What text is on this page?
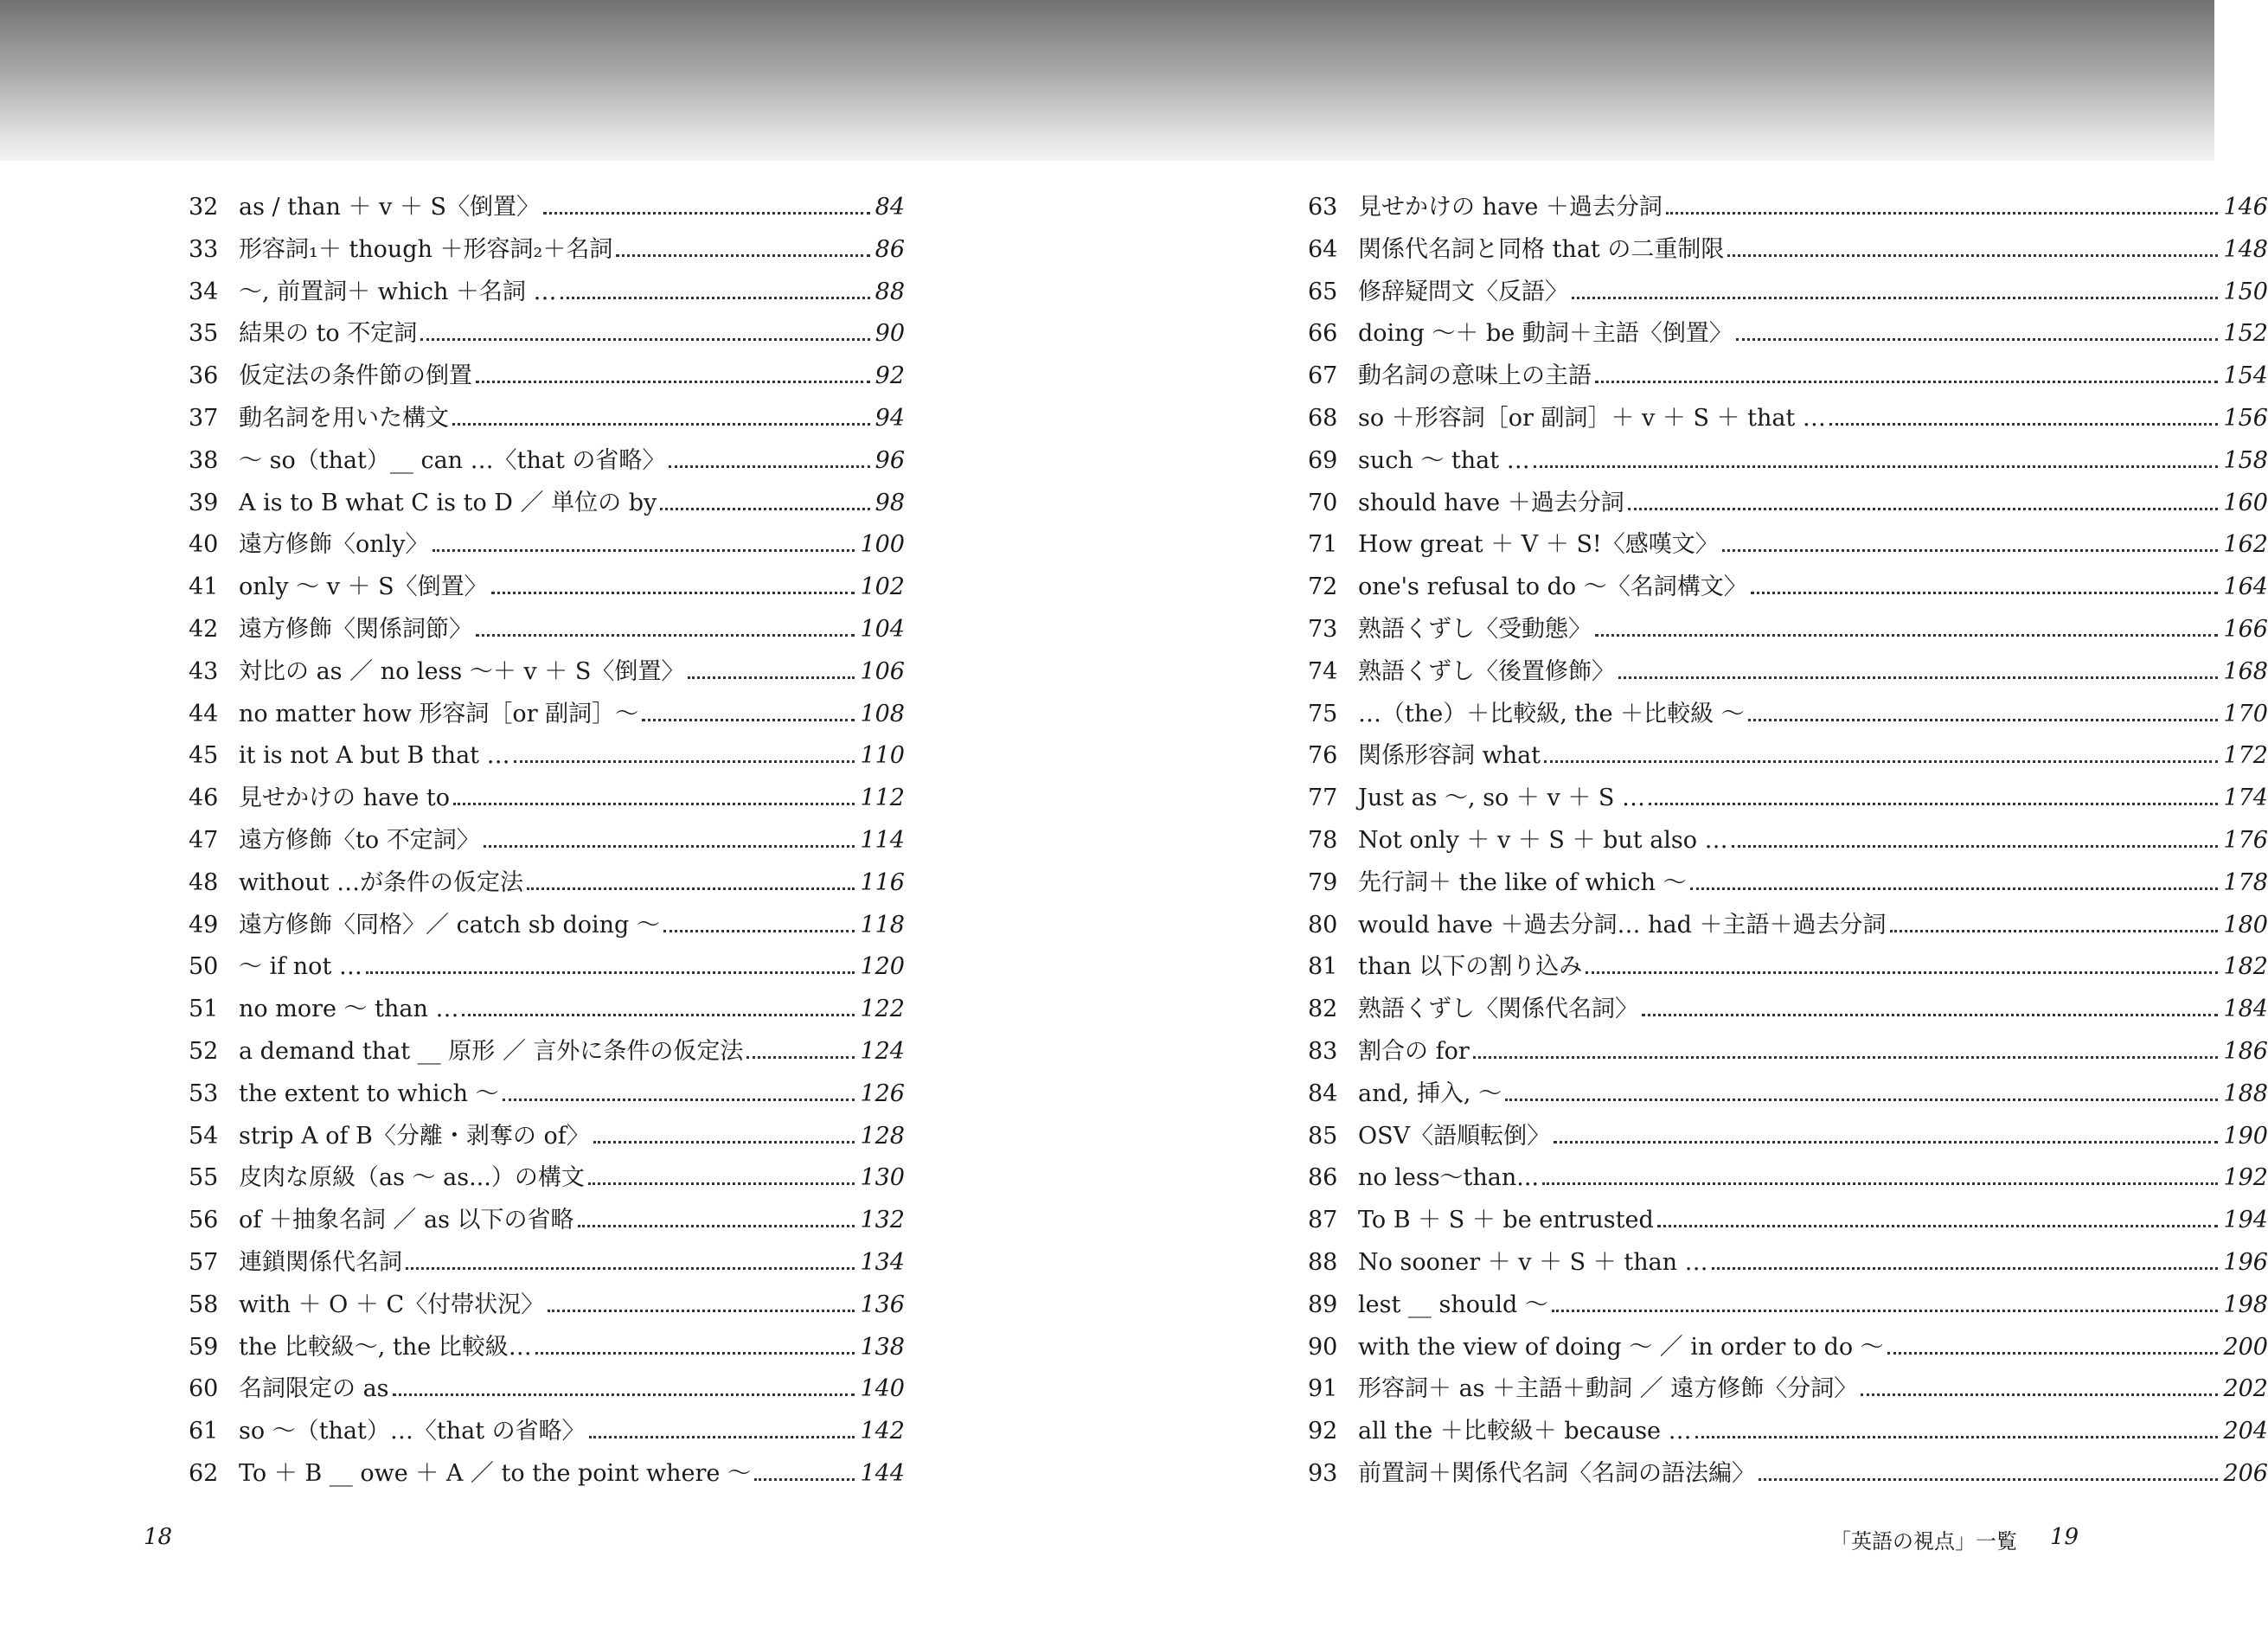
32 as / than ＋ v ＋ S〈倒置〉	84
33 形容詞₁＋ though ＋形容詞₂＋名詞	86
34 〜, 前置詞＋ which ＋名詞 …	88
35 結果の to 不定詞	90
36 仮定法の条件節の倒置	92
37 動名詞を用いた構文	94
38 〜 so（that）__ can …〈that の省略〉	96
39 A is to B what C is to D ／ 単位の by	98
40 遠方修飾〈only〉	100
41 only 〜 v ＋ S〈倒置〉	102
42 遠方修飾〈関係詞節〉	104
43 対比の as ／ no less 〜＋ v ＋ S〈倒置〉	106
44 no matter how 形容詞［or 副詞］〜	108
45 it is not A but B that …	110
46 見せかけの have to	112
47 遠方修飾〈to 不定詞〉	114
48 without …が条件の仮定法	116
49 遠方修飾〈同格〉／ catch sb doing 〜	118
50 〜 if not …	120
51 no more 〜 than …	122
52 a demand that __ 原形 ／ 言外に条件の仮定法	124
53 the extent to which 〜	126
54 strip A of B〈分離・剥奪の of〉	128
55 皮肉な原級（as 〜 as...）の構文	130
56 of ＋抽象名詞 ／ as 以下の省略	132
57 連鎖関係代名詞	134
58 with ＋ O ＋ C〈付帯状況〉	136
59 the 比較級〜, the 比較級…	138
60 名詞限定の as	140
61 so 〜（that）…〈that の省略〉	142
62 To ＋ B __ owe ＋ A ／ to the point where 〜	144
18
63 見せかけの have ＋過去分詞	146
64 関係代名詞と同格 that の二重制限	148
65 修辞疑問文〈反語〉	150
66 doing 〜＋ be 動詞＋主語〈倒置〉	152
67 動名詞の意味上の主語	154
68 so ＋形容詞［or 副詞］＋ v ＋ S ＋ that …	156
69 such 〜 that …	158
70 should have ＋過去分詞	160
71 How great ＋ V ＋ S!〈感嘆文〉	162
72 one's refusal to do 〜〈名詞構文〉	164
73 熟語くずし〈受動態〉	166
74 熟語くずし〈後置修飾〉	168
75 …（the）＋比較級, the ＋比較級 〜	170
76 関係形容詞 what	172
77 Just as 〜, so ＋ v ＋ S …	174
78 Not only ＋ v ＋ S ＋ but also …	176
79 先行詞＋ the like of which 〜	178
80 would have ＋過去分詞… had ＋主語＋過去分詞	180
81 than 以下の割り込み	182
82 熟語くずし〈関係代名詞〉	184
83 割合の for	186
84 and, 挿入, 〜	188
85 OSV〈語順転倒〉	190
86 no less〜than...	192
87 To B ＋ S ＋ be entrusted	194
88 No sooner ＋ v ＋ S ＋ than …	196
89 lest __ should 〜	198
90 with the view of doing 〜 ／ in order to do 〜	200
91 形容詞＋ as ＋主語＋動詞 ／ 遠方修飾〈分詞〉	202
92 all the ＋比較級＋ because …	204
93 前置詞＋関係代名詞〈名詞の語法編〉	206
「英語の視点」一覧 19
